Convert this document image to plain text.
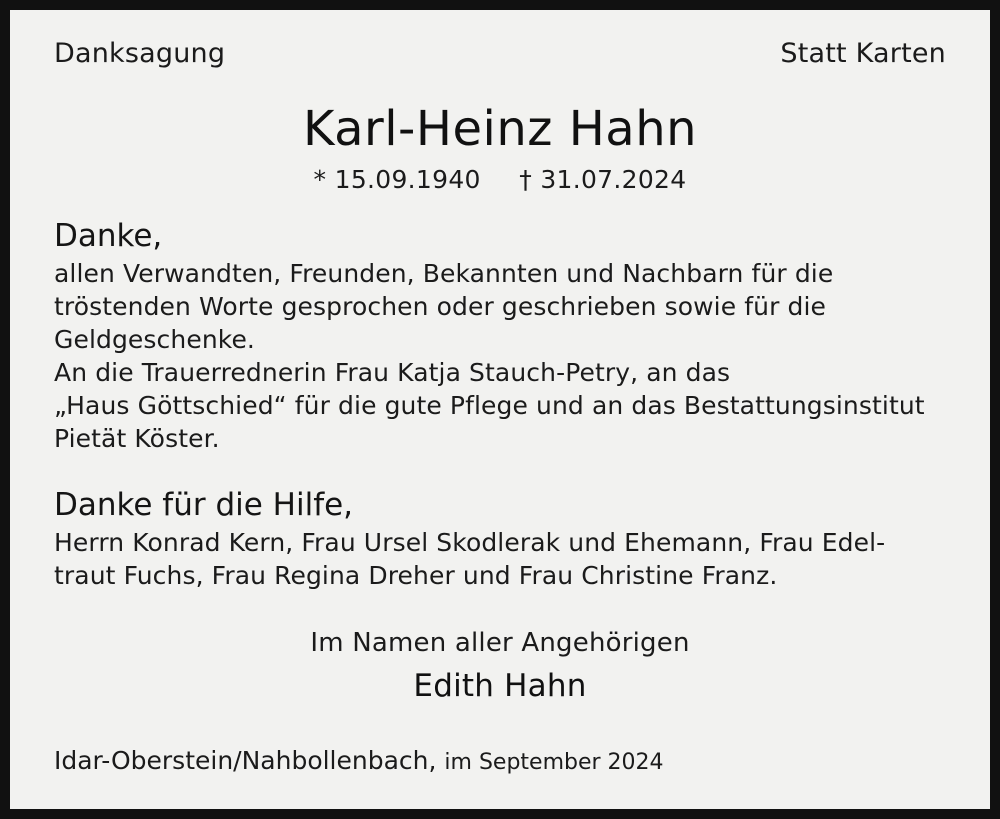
Danksagung	Statt Karten
Karl-Heinz Hahn
* 15.09.1940 † 31.07.2024
Danke,
allen Verwandten, Freunden, Bekannten und Nachbarn für die
tröstenden Worte gesprochen oder geschrieben sowie für die
Geldgeschenke.
An die Trauerrednerin Frau Katja Stauch-Petry, an das
„Haus Göttschied“ für die gute Pflege und an das Bestattungsinstitut
Pietät Köster.
Danke für die Hilfe,
Herrn Konrad Kern, Frau Ursel Skodlerak und Ehemann, Frau Edel-
traut Fuchs, Frau Regina Dreher und Frau Christine Franz.
Im Namen aller Angehörigen
Edith Hahn
Idar-Oberstein/Nahbollenbach, im September 2024
